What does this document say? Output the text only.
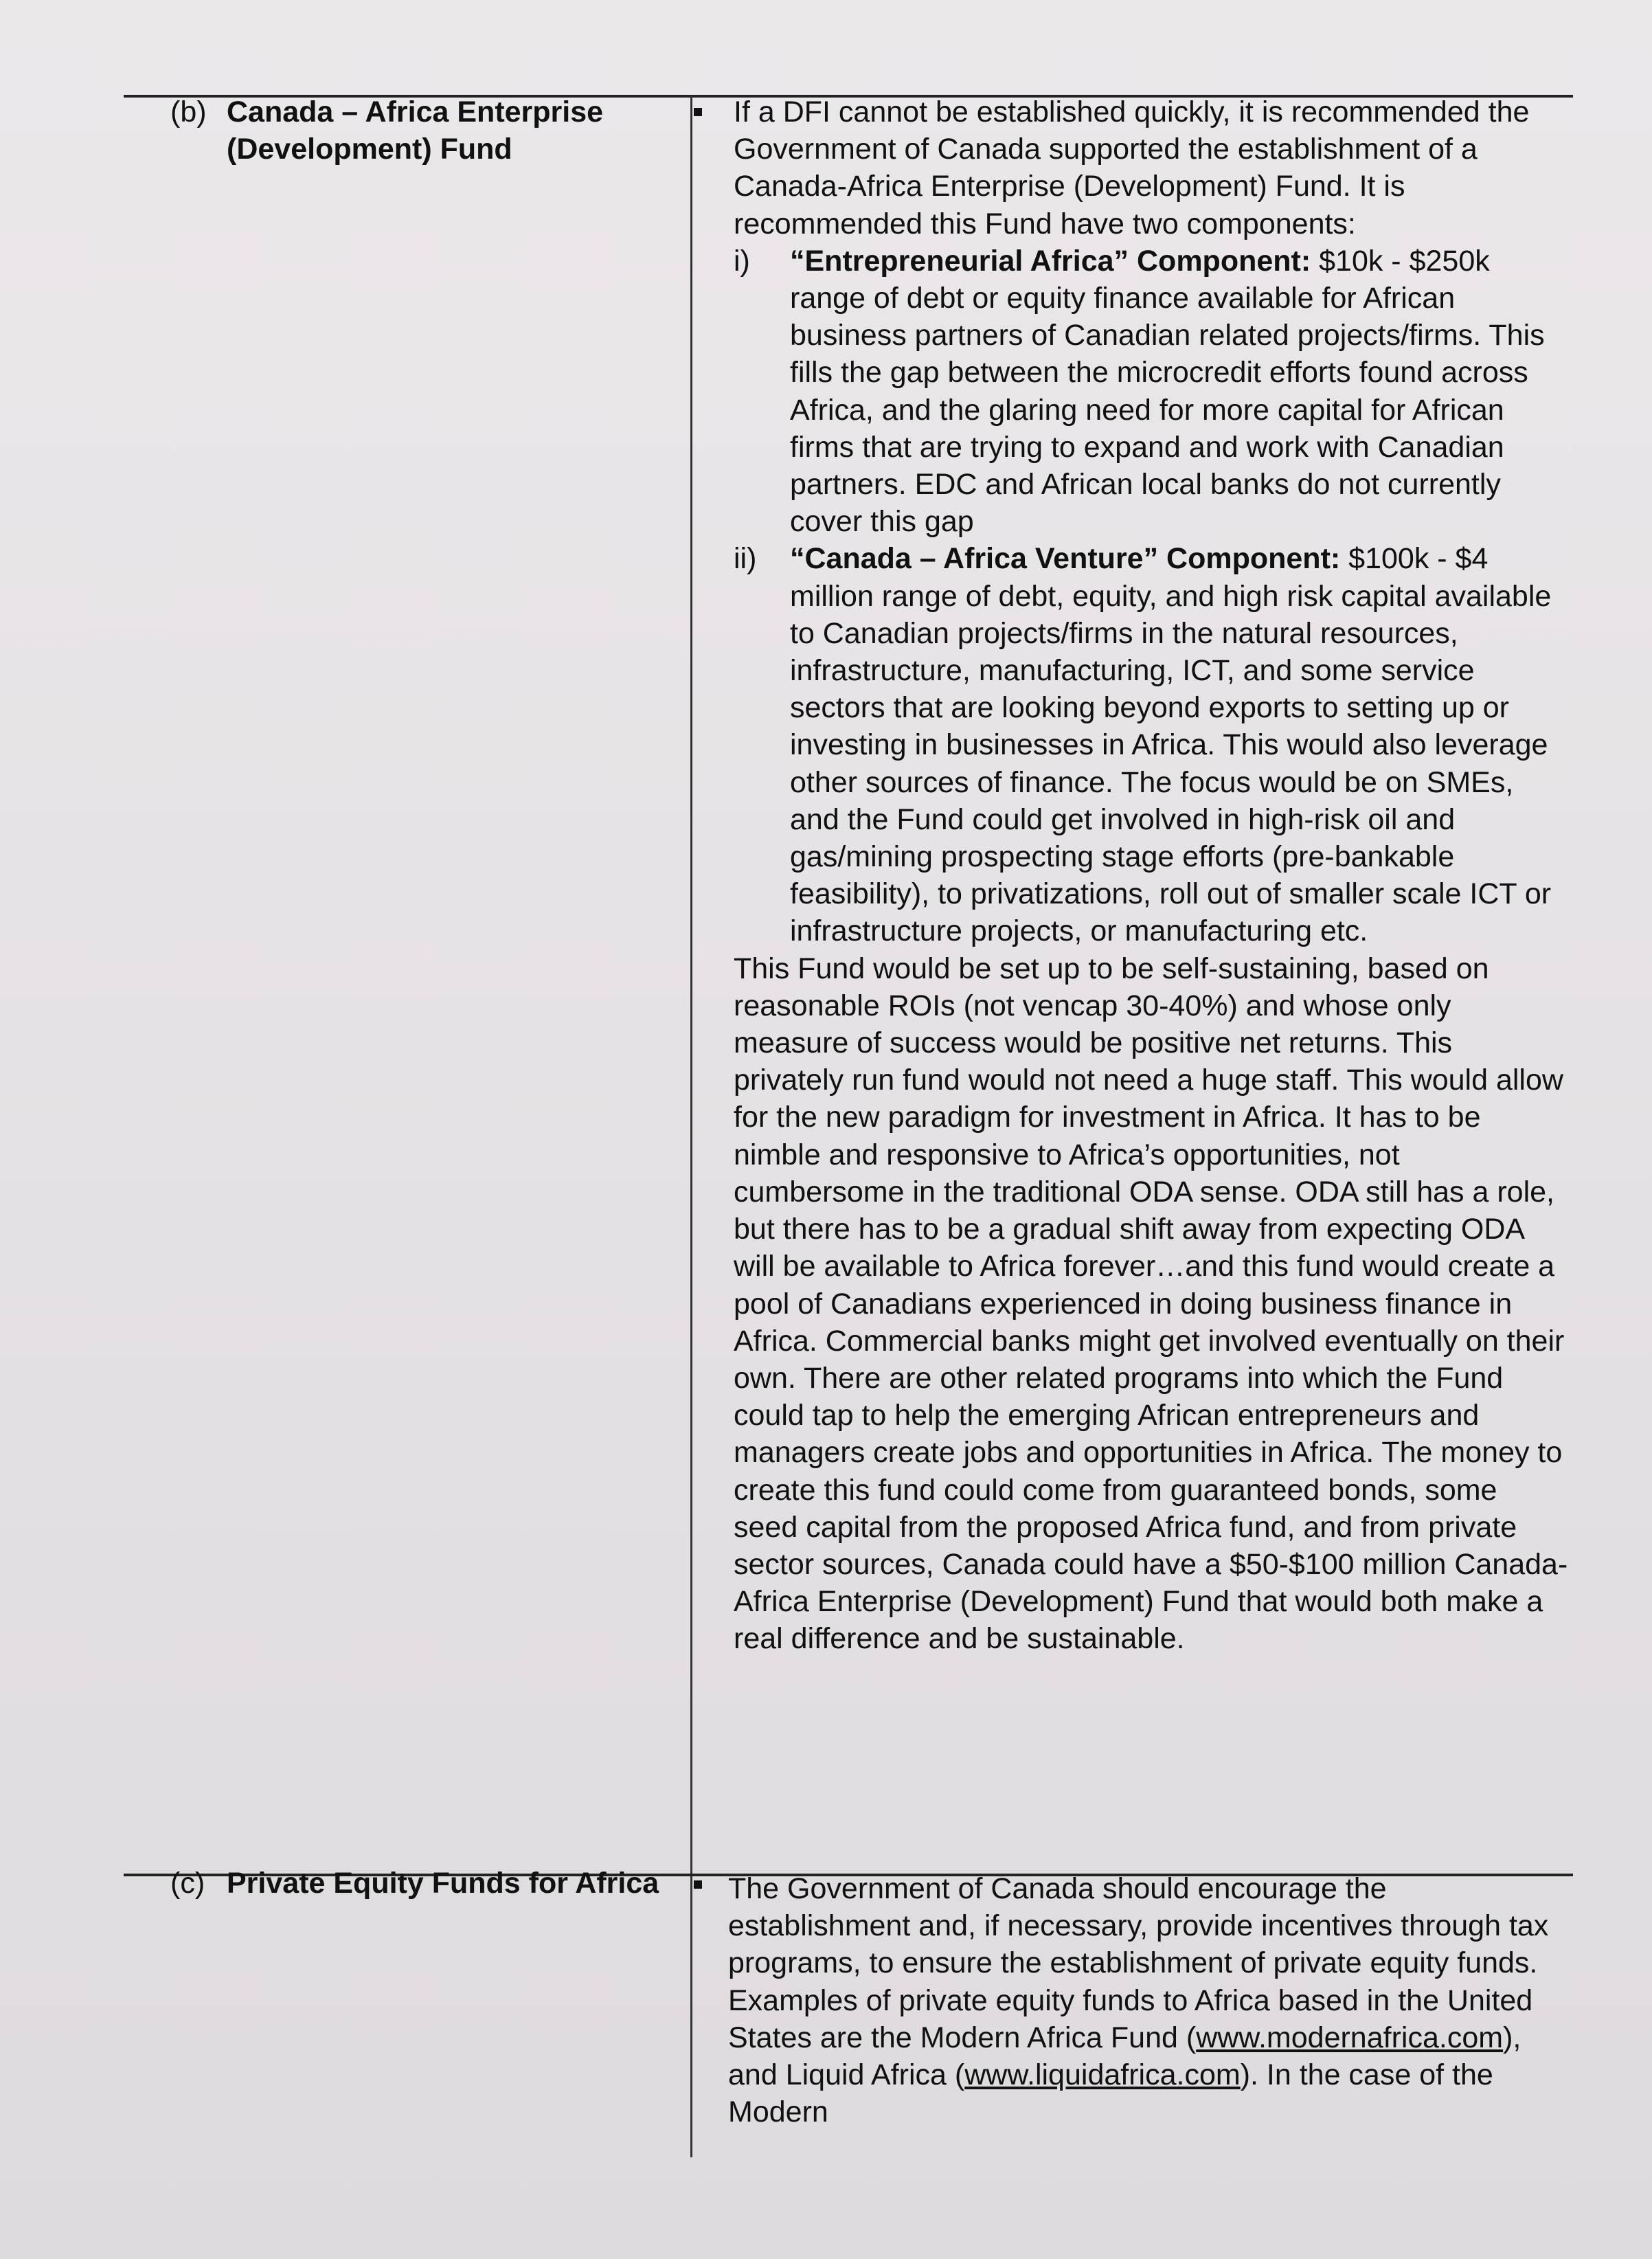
(b) Canada – Africa Enterprise (Development) Fund

If a DFI cannot be established quickly, it is recommended the Government of Canada supported the establishment of a Canada-Africa Enterprise (Development) Fund. It is recommended this Fund have two components:

i)	“Entrepreneurial Africa” Component: $10k - $250k range of debt or equity finance available for African business partners of Canadian related projects/firms. This fills the gap between the microcredit efforts found across Africa, and the glaring need for more capital for African firms that are trying to expand and work with Canadian partners. EDC and African local banks do not currently cover this gap
ii)	“Canada – Africa Venture” Component: $100k - $4 million range of debt, equity, and high risk capital available to Canadian projects/firms in the natural resources, infrastructure, manufacturing, ICT, and some service sectors that are looking beyond exports to setting up or investing in businesses in Africa. This would also leverage other sources of finance. The focus would be on SMEs, and the Fund could get involved in high-risk oil and gas/mining prospecting stage efforts (pre-bankable feasibility), to privatizations, roll out of smaller scale ICT or infrastructure projects, or manufacturing etc.

This Fund would be set up to be self-sustaining, based on reasonable ROIs (not vencap 30-40%) and whose only measure of success would be positive net returns. This privately run fund would not need a huge staff. This would allow for the new paradigm for investment in Africa. It has to be nimble and responsive to Africa’s opportunities, not cumbersome in the traditional ODA sense. ODA still has a role, but there has to be a gradual shift away from expecting ODA will be available to Africa forever…and this fund would create a pool of Canadians experienced in doing business finance in Africa. Commercial banks might get involved eventually on their own. There are other related programs into which the Fund could tap to help the emerging African entrepreneurs and managers create jobs and opportunities in Africa. The money to create this fund could come from guaranteed bonds, some seed capital from the proposed Africa fund, and from private sector sources, Canada could have a $50-$100 million Canada-Africa Enterprise (Development) Fund that would both make a real difference and be sustainable.

(c) Private Equity Funds for Africa The Government of Canada should encourage the establishment and, if necessary, provide incentives through tax programs, to ensure the establishment of private equity funds. Examples of private equity funds to Africa based in the United States are the Modern Africa Fund (www.modernafrica.com), and Liquid Africa (www.liquidafrica.com). In the case of the Modern
